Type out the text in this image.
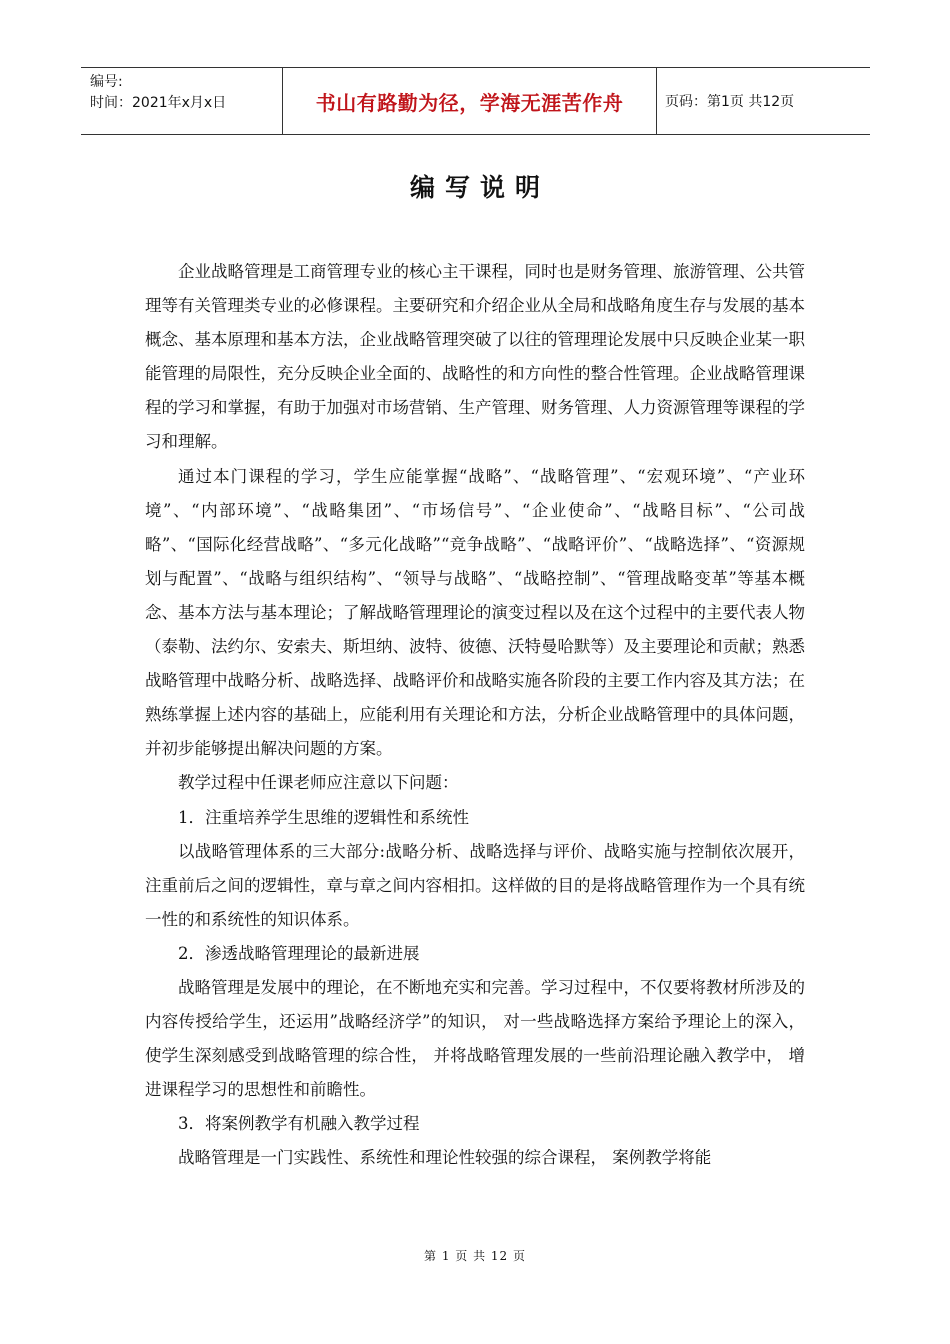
编号:
时间：2021年x月x日	书山有路勤为径，学海无涯苦作舟	页码：第1页 共12页
编写说明

企业战略管理是工商管理专业的核心主干课程，同时也是财务管理、旅游管理、公共管理等有关管理类专业的必修课程。主要研究和介绍企业从全局和战略角度生存与发展的基本概念、基本原理和基本方法，企业战略管理突破了以往的管理理论发展中只反映企业某一职能管理的局限性，充分反映企业全面的、战略性的和方向性的整合性管理。企业战略管理课程的学习和掌握，有助于加强对市场营销、生产管理、财务管理、人力资源管理等课程的学习和理解。

通过本门课程的学习，学生应能掌握“战略”、“战略管理”、“宏观环境”、“产业环境”、“内部环境”、“战略集团”、“市场信号”、“企业使命”、“战略目标”、“公司战略”、“国际化经营战略”、“多元化战略”“竞争战略”、“战略评价”、“战略选择”、“资源规划与配置”、“战略与组织结构”、“领导与战略”、“战略控制”、“管理战略变革”等基本概念、基本方法与基本理论；了解战略管理理论的演变过程以及在这个过程中的主要代表人物（泰勒、法约尔、安索夫、斯坦纳、波特、彼德、沃特曼哈默等）及主要理论和贡献；熟悉战略管理中战略分析、战略选择、战略评价和战略实施各阶段的主要工作内容及其方法；在熟练掌握上述内容的基础上，应能利用有关理论和方法，分析企业战略管理中的具体问题，并初步能够提出解决问题的方案。

教学过程中任课老师应注意以下问题：

1．注重培养学生思维的逻辑性和系统性

以战略管理体系的三大部分:战略分析、战略选择与评价、战略实施与控制依次展开，注重前后之间的逻辑性，章与章之间内容相扣。这样做的目的是将战略管理作为一个具有统一性的和系统性的知识体系。

2．渗透战略管理理论的最新进展

战略管理是发展中的理论，在不断地充实和完善。学习过程中，不仅要将教材所涉及的内容传授给学生，还运用”战略经济学”的知识， 对一些战略选择方案给予理论上的深入，使学生深刻感受到战略管理的综合性， 并将战略管理发展的一些前沿理论融入教学中， 增进课程学习的思想性和前瞻性。

3．将案例教学有机融入教学过程

战略管理是一门实践性、系统性和理论性较强的综合课程， 案例教学将能

第 1 页 共 12 页
